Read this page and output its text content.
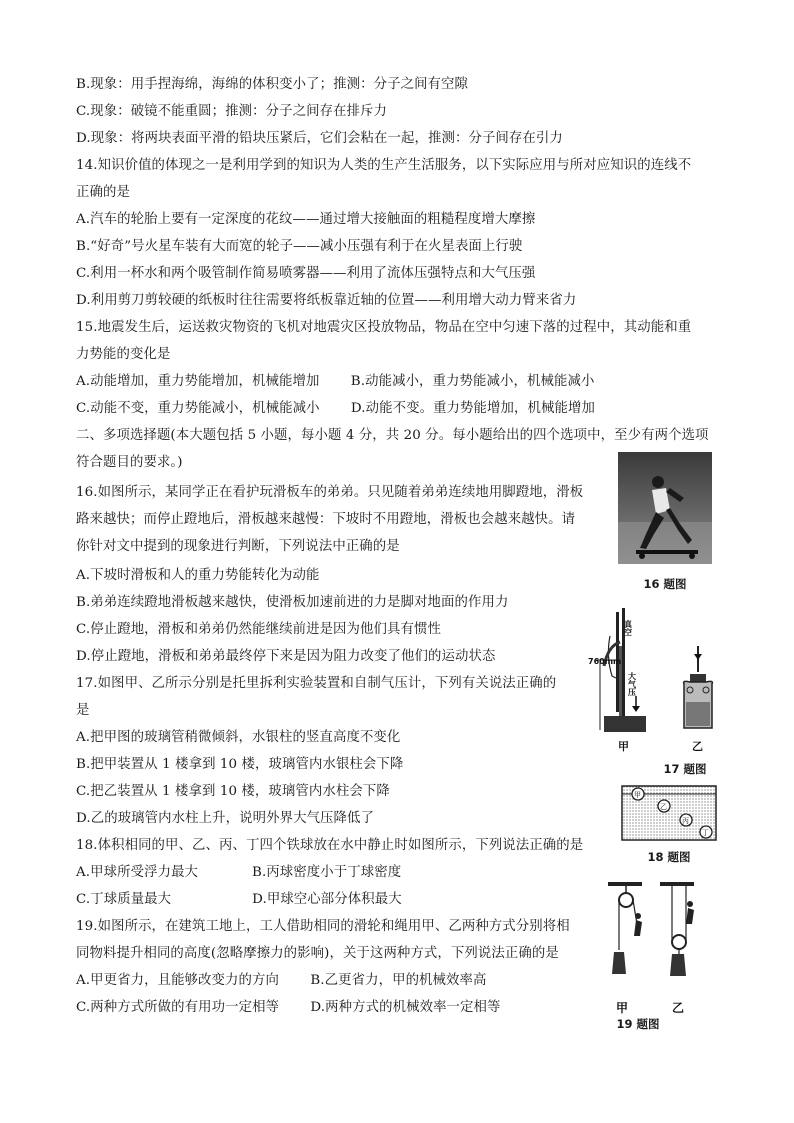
B.现象：用手捏海绵，海绵的体积变小了；推测：分子之间有空隙
C.现象：破镜不能重圆；推测：分子之间存在排斥力
D.现象：将两块表面平滑的铅块压紧后，它们会粘在一起，推测：分子间存在引力
14.知识价值的体现之一是利用学到的知识为人类的生产生活服务，以下实际应用与所对应知识的连线不
正确的是
A.汽车的轮胎上要有一定深度的花纹——通过增大接触面的粗糙程度增大摩擦
B.“好奇”号火星车装有大而宽的轮子——减小压强有利于在火星表面上行驶
C.利用一杯水和两个吸管制作简易喷雾器——利用了流体压强特点和大气压强
D.利用剪刀剪较硬的纸板时往往需要将纸板靠近轴的位置——利用增大动力臂来省力
15.地震发生后，运送救灾物资的飞机对地震灾区投放物品，物品在空中匀速下落的过程中，其动能和重
力势能的变化是
A.动能增加，重力势能增加，机械能增加　　 B.动能减小，重力势能减小，机械能减小
C.动能不变，重力势能减小，机械能减小　　 D.动能不变。重力势能增加，机械能增加
二、多项选择题(本大题包括 5 小题，每小题 4 分，共 20 分。每小题给出的四个选项中，至少有两个选项
符合题目的要求。)
16.如图所示，某同学正在看护玩滑板车的弟弟。只见随着弟弟连续地用脚蹬地，滑板
路来越快；而停止蹬地后，滑板越来越慢：下坡时不用蹬地，滑板也会越来越快。请
你针对文中提到的现象进行判断，下列说法中正确的是
A.下坡时滑板和人的重力势能转化为动能
B.弟弟连续蹬地滑板越来越快，使滑板加速前进的力是脚对地面的作用力
C.停止蹬地，滑板和弟弟仍然能继续前进是因为他们具有惯性
D.停止蹬地，滑板和弟弟最终停下来是因为阻力改变了他们的运动状态
17.如图甲、乙所示分别是托里拆利实验装置和自制气压计，下列有关说法正确的
是
A.把甲图的玻璃管稍微倾斜，水银柱的竖直高度不变化
B.把甲装置从 1 楼拿到 10 楼，玻璃管内水银柱会下降
C.把乙装置从 1 楼拿到 10 楼，玻璃管内水柱会下降
D.乙的玻璃管内水柱上升，说明外界大气压降低了
18.体积相同的甲、乙、丙、丁四个铁球放在水中静止时如图所示，下列说法正确的是
A.甲球所受浮力最大　　　　B.丙球密度小于丁球密度
C.丁球质量最大　　　　　　D.甲球空心部分体积最大
19.如图所示，在建筑工地上，工人借助相同的滑轮和绳用甲、乙两种方式分别将相
同物料提升相同的高度(忽略摩擦力的影响)，关于这两种方式，下列说法正确的是
A.甲更省力，且能够改变力的方向　　 B.乙更省力，甲的机械效率高
C.两种方式所做的有用功一定相等　　 D.两种方式的机械效率一定相等
16 题图
760mm
真空
大气压
甲	乙
17 题图
甲
乙
丙
丁
18 题图
甲	乙
19 题图
